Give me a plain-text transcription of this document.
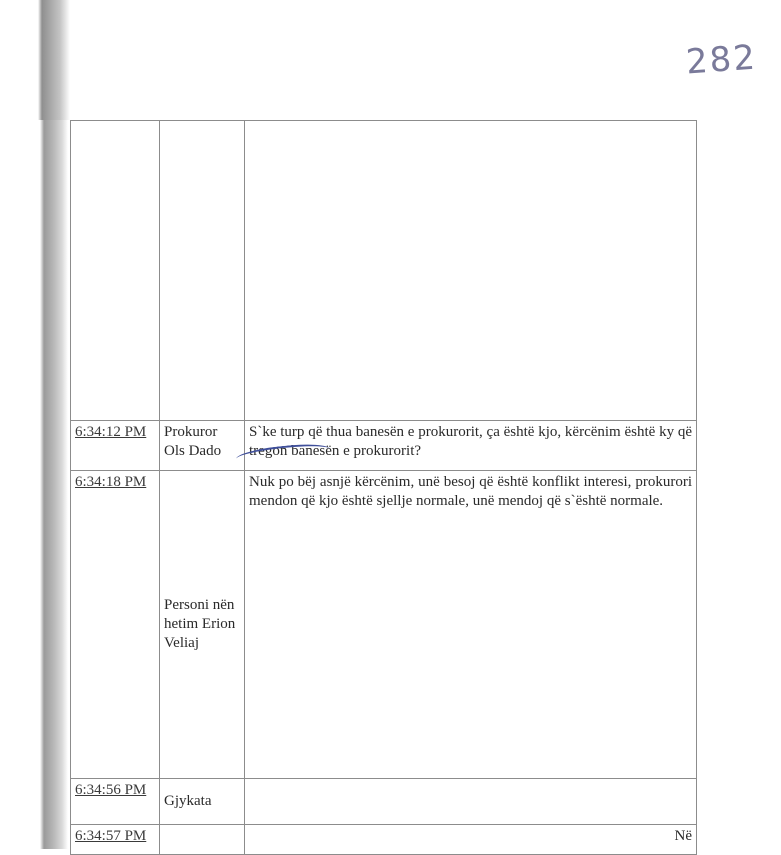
282

6:34:12 PM	Prokuror Ols Dado	S`ke turp që thua banesën e prokurorit, ça është kjo, kërcënim është ky që tregon banesën e prokurorit?
6:34:18 PM	Personi nën hetim Erion Veliaj	Nuk po bëj asnjë kërcënim, unë besoj që është konflikt interesi, prokurori mendon që kjo është sjellje normale, unë mendoj që s`është normale.
6:34:56 PM	Gjykata	
6:34:57 PM		Në
